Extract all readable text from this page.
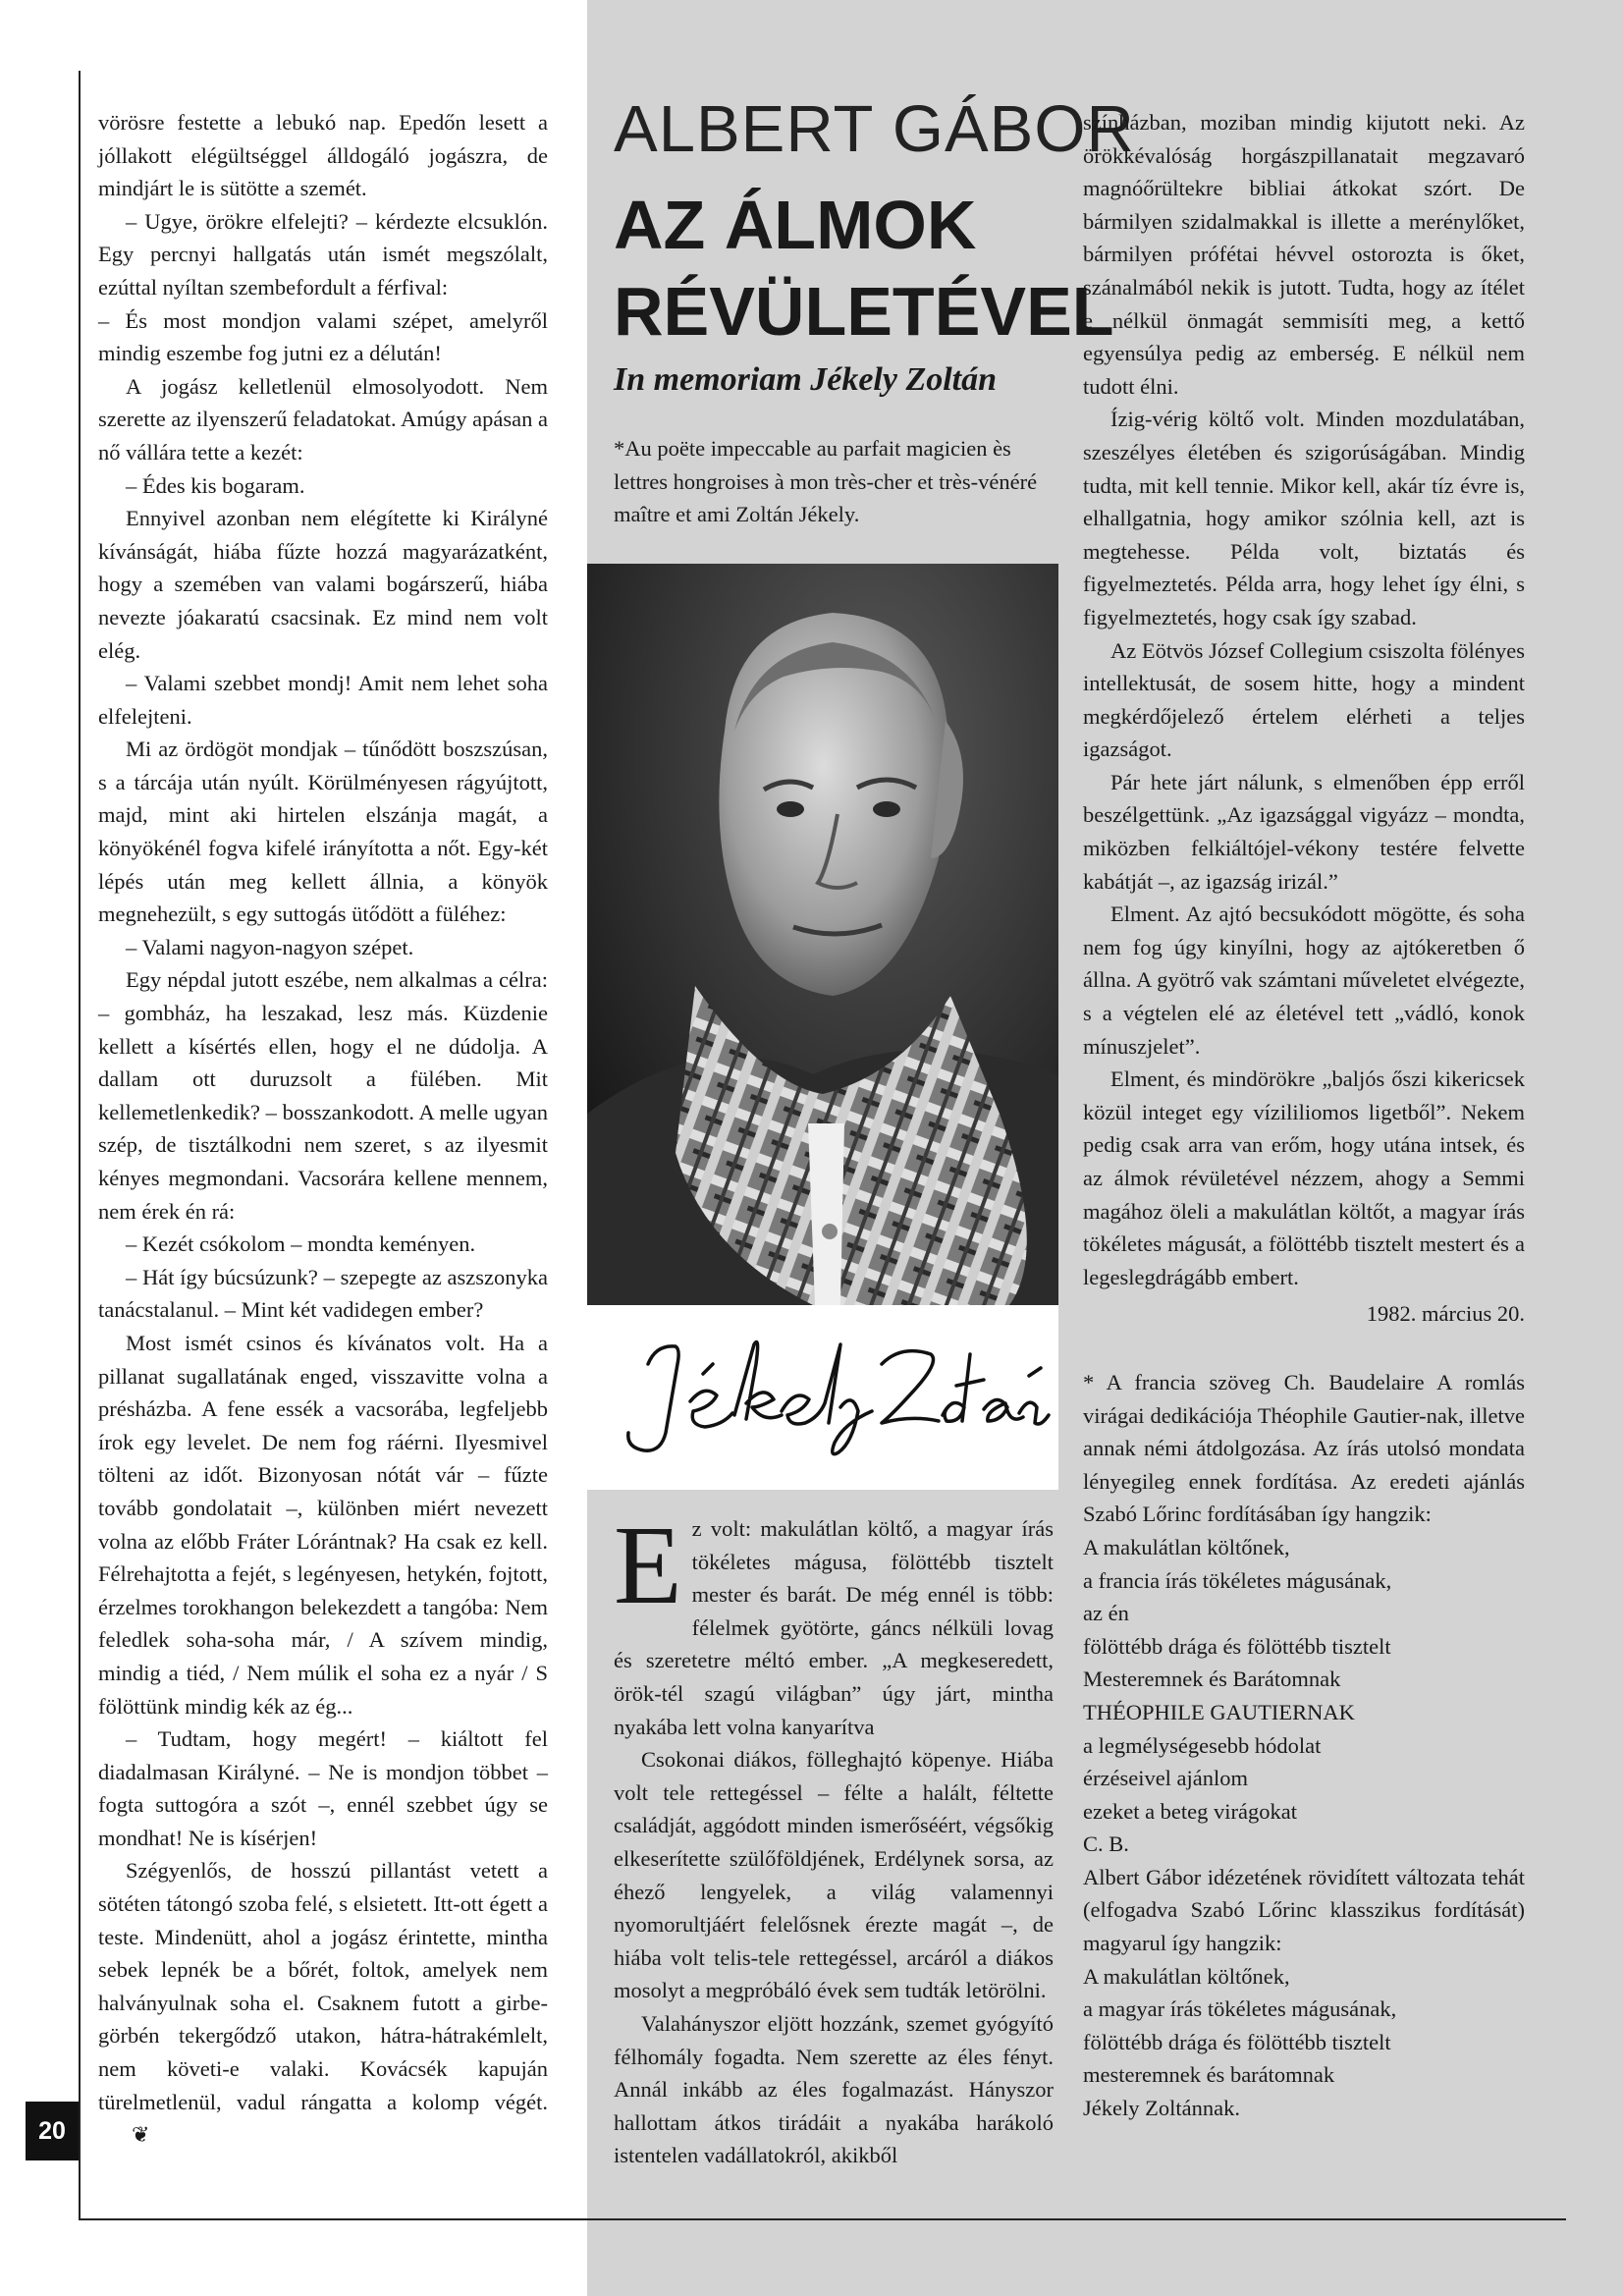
20

vörösre festette a lebukó nap. Epedőn lesett a jóllakott elégültséggel álldogáló jogászra, de mindjárt le is sütötte a szemét.

– Ugye, örökre elfelejti? – kérdezte elcsuklón. Egy percnyi hallgatás után ismét megszólalt, ezúttal nyíltan szembefordult a férfival:

– És most mondjon valami szépet, amelyről mindig eszembe fog jutni ez a délután!

A jogász kelletlenül elmosolyodott. Nem szerette az ilyenszerű feladatokat. Amúgy apásan a nő vállára tette a kezét:

– Édes kis bogaram.

Ennyivel azonban nem elégítette ki Királyné kívánságát, hiába fűzte hozzá magyarázatként, hogy a szemében van valami bogárszerű, hiába nevezte jóakaratú csacsinak. Ez mind nem volt elég.

– Valami szebbet mondj! Amit nem lehet soha elfelejteni.

Mi az ördögöt mondjak – tűnődött boszszúsan, s a tárcája után nyúlt. Körülményesen rágyújtott, majd, mint aki hirtelen elszánja magát, a könyökénél fogva kifelé irányította a nőt. Egy-két lépés után meg kellett állnia, a könyök megnehezült, s egy suttogás ütődött a füléhez:

– Valami nagyon-nagyon szépet.

Egy népdal jutott eszébe, nem alkalmas a célra: – gombház, ha leszakad, lesz más. Küzdenie kellett a kísértés ellen, hogy el ne dúdolja. A dallam ott duruzsolt a fülében. Mit kellemetlenkedik? – bosszankodott. A melle ugyan szép, de tisztálkodni nem szeret, s az ilyesmit kényes megmondani. Vacsorára kellene mennem, nem érek én rá:

– Kezét csókolom – mondta keményen.

– Hát így búcsúzunk? – szepegte az aszszonyka tanácstalanul. – Mint két vadidegen ember?

Most ismét csinos és kívánatos volt. Ha a pillanat sugallatának enged, visszavitte volna a présházba. A fene essék a vacsorába, legfeljebb írok egy levelet. De nem fog ráérni. Ilyesmivel tölteni az időt. Bizonyosan nótát vár – fűzte tovább gondolatait –, különben miért nevezett volna az előbb Fráter Lórántnak? Ha csak ez kell. Félrehajtotta a fejét, s legényesen, hetykén, fojtott, érzelmes torokhangon belekezdett a tangóba: Nem feledlek soha-soha már, / A szívem mindig, mindig a tiéd, / Nem múlik el soha ez a nyár / S fölöttünk mindig kék az ég...

– Tudtam, hogy megért! – kiáltott fel diadalmasan Királyné. – Ne is mondjon többet – fogta suttogóra a szót –, ennél szebbet úgy se mondhat! Ne is kísérjen!

Szégyenlős, de hosszú pillantást vetett a sötéten tátongó szoba felé, s elsietett. Itt-ott égett a teste. Mindenütt, ahol a jogász érintette, mintha sebek lepnék be a bőrét, foltok, amelyek nem halványulnak soha el. Csaknem futott a girbe-görbén tekergődző utakon, hátra-hátrakémlelt, nem követi-e valaki. Kovácsék kapuján türelmetlenül, vadul rángatta a kolomp végét.❦

ALBERT GÁBOR
AZ ÁLMOK
RÉVÜLETÉVEL
In memoriam Jékely Zoltán
*Au poëte impeccable au parfait magicien ès lettres hongroises à mon très-cher et très-vénéré maître et ami Zoltán Jékely.

Ez volt: makulátlan költő, a magyar írás tökéletes mágusa, fölöttébb tisztelt mester és barát. De még ennél is több: félelmek gyötörte, gáncs nélküli lovag és szeretetre méltó ember. „A megkeseredett, örök-tél szagú világban” úgy járt, mintha nyakába lett volna kanyarítva

Csokonai diákos, fölleghajtó köpenye. Hiába volt tele rettegéssel – félte a halált, féltette családját, aggódott minden ismerőséért, végsőkig elkeserítette szülőföldjének, Erdélynek sorsa, az éhező lengyelek, a világ valamennyi nyomorultjáért felelősnek érezte magát –, de hiába volt telis-tele rettegéssel, arcáról a diákos mosolyt a megpróbáló évek sem tudták letörölni.

Valahányszor eljött hozzánk, szemet gyógyító félhomály fogadta. Nem szerette az éles fényt. Annál inkább az éles fogalmazást. Hányszor hallottam átkos tirádáit a nyakába harákoló istentelen vadállatokról, akikből

színházban, moziban mindig kijutott neki. Az örökkévalóság horgászpillanatait megzavaró magnóőrültekre bibliai átkokat szórt. De bármilyen szidalmakkal is illette a merénylőket, bármilyen prófétai hévvel ostorozta is őket, szánalmából nekik is jutott. Tudta, hogy az ítélet e nélkül önmagát semmisíti meg, a kettő egyensúlya pedig az emberség. E nélkül nem tudott élni.

Ízig-vérig költő volt. Minden mozdulatában, szeszélyes életében és szigorúságában. Mindig tudta, mit kell tennie. Mikor kell, akár tíz évre is, elhallgatnia, hogy amikor szólnia kell, azt is megtehesse. Példa volt, biztatás és figyelmeztetés. Példa arra, hogy lehet így élni, s figyelmeztetés, hogy csak így szabad.

Az Eötvös József Collegium csiszolta fölényes intellektusát, de sosem hitte, hogy a mindent megkérdőjelező értelem elérheti a teljes igazságot.

Pár hete járt nálunk, s elmenőben épp erről beszélgettünk. „Az igazsággal vigyázz – mondta, miközben felkiáltójel-vékony testére felvette kabátját –, az igazság irizál.”

Elment. Az ajtó becsukódott mögötte, és soha nem fog úgy kinyílni, hogy az ajtókeretben ő állna. A gyötrő vak számtani műveletet elvégezte, s a végtelen elé az életével tett „vádló, konok mínuszjelet”.

Elment, és mindörökre „baljós őszi kikericsek közül integet egy vízililiomos ligetből”. Nekem pedig csak arra van erőm, hogy utána intsek, és az álmok révületével nézzem, ahogy a Semmi magához öleli a makulátlan költőt, a magyar írás tökéletes mágusát, a fölöttébb tisztelt mestert és a legeslegdrágább embert.

1982. március 20.

* A francia szöveg Ch. Baudelaire A romlás virágai dedikációja Théophile Gautier-nak, illetve annak némi átdolgozása. Az írás utolsó mondata lényegileg ennek fordítása. Az eredeti ajánlás Szabó Lőrinc fordításában így hangzik:

A makulátlan költőnek,

a francia írás tökéletes mágusának,

az én

fölöttébb drága és fölöttébb tisztelt

Mesteremnek és Barátomnak

THÉOPHILE GAUTIERNAK

a legmélységesebb hódolat

érzéseivel ajánlom

ezeket a beteg virágokat

C. B.

Albert Gábor idézetének rövidített változata tehát (elfogadva Szabó Lőrinc klasszikus fordítását) magyarul így hangzik:

A makulátlan költőnek,

a magyar írás tökéletes mágusának,

fölöttébb drága és fölöttébb tisztelt

mesteremnek és barátomnak

Jékely Zoltánnak.
